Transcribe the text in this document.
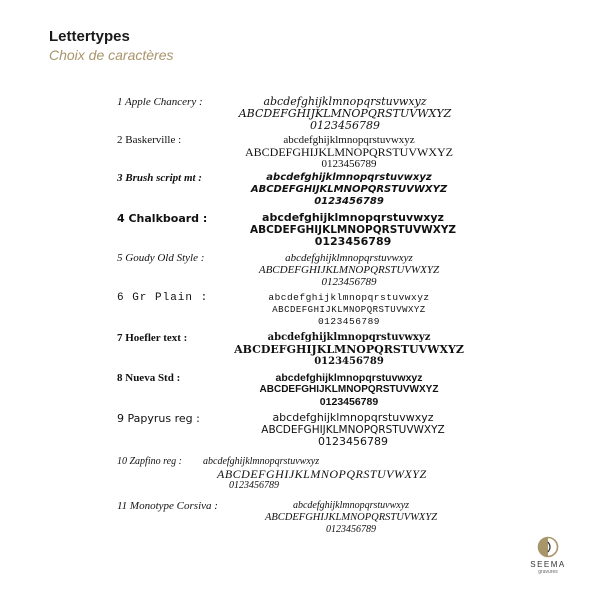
Lettertypes
Choix de caractères
1 Apple Chancery :	abcdefghijklmnopqrstuvwxyz
ABCDEFGHIJKLMNOPQRSTUVWXYZ
0123456789
2 Baskerville :	abcdefghijklmnopqrstuvwxyz
ABCDEFGHIJKLMNOPQRSTUVWXYZ
0123456789
3 Brush script mt :	abcdefghijklmnopqrstuvwxyz
ABCDEFGHIJKLMNOPQRSTUVWXYZ
0123456789
4 Chalkboard :	abcdefghijklmnopqrstuvwxyz
ABCDEFGHIJKLMNOPQRSTUVWXYZ
0123456789
5 Goudy Old Style :	abcdefghijklmnopqrstuvwxyz
ABCDEFGHIJKLMNOPQRSTUVWXYZ
0123456789
6 Gr Plain :	abcdefghijklmnopqrstuvwxyz
ABCDEFGHIJKLMNOPQRSTUVWXYZ
0123456789
7 Hoefler text :	abcdefghijklmnopqrstuvwxyz
ABCDEFGHIJKLMNOPQRSTUVWXYZ
0123456789
8 Nueva Std :	abcdefghijklmnopqrstuvwxyz
ABCDEFGHIJKLMNOPQRSTUVWXYZ
0123456789
9 Papyrus reg :	abcdefghijklmnopqrstuvwxyz
ABCDEFGHIJKLMNOPQRSTUVWXYZ
0123456789
10 Zapfino reg : abcdefghijklmnopqrstuvwxyz
ABCDEFGHIJKLMNOPQRSTUVWXYZ
0123456789
11 Monotype Corsiva :	abcdefghijklmnopqrstuvwxyz
ABCDEFGHIJKLMNOPQRSTUVWXYZ
0123456789
SEEMA
gravures
